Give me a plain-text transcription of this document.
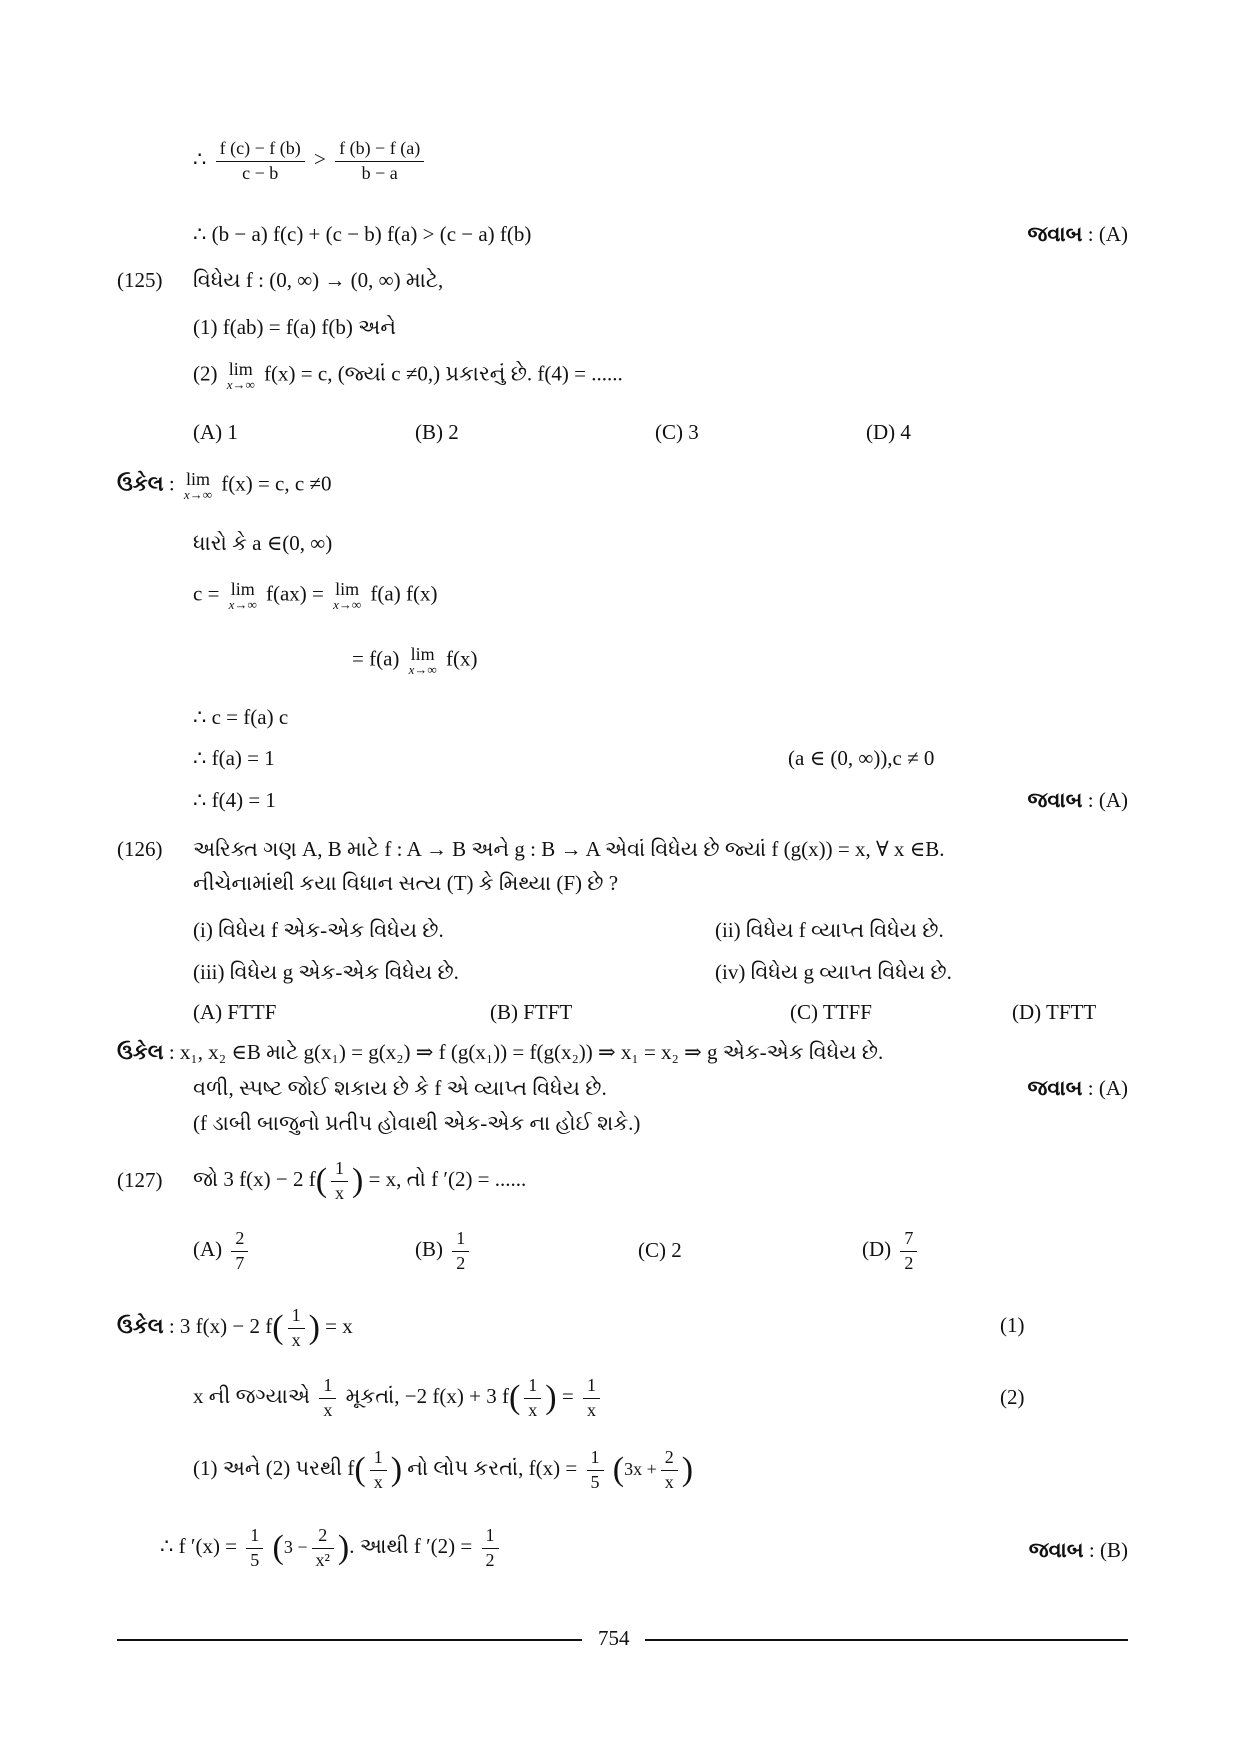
∴ $\frac{f (c) - f (b)}{c - b} > \frac{f (b) - f (a)}{b - a}$
∴ (b − a) f(c) + (c − b) f(a) > (c − a) f(b)	જવાબ : (A)
(125) વિધેય f : (0, ∞) → (0, ∞) માટે,
(1) f(ab) = f(a) f(b) અને
(2) lim
x→∞ f(x) = c, (જ્યાં c ≠0,) પ્રકારનું છે. f(4) = ......
(A) 1	(B) 2	(C) 3	(D) 4
ઉકેલ : lim
x→∞ f(x) = c, c ≠0
ધારો કે a ∈(0, ∞)
c = lim
x→∞ f(ax) = lim
x→∞ f(a) f(x)
= f(a) lim
x→∞ f(x)
∴ c = f(a) c
∴ f(a) = 1	(a ∈ (0, ∞)),c ≠ 0
∴ f(4) = 1	જવાબ : (A)
(126) અરિક્ત ગણ A, B માટે f : A → B અને g : B → A એવાં વિધેય છે જ્યાં f (g(x)) = x, ∀ x ∈B.
નીચેનામાંથી કયા વિધાન સત્ય (T) કે મિથ્યા (F) છે ?
(i) વિધેય f એક-એક વિધેય છે.	(ii) વિધેય f વ્યાપ્ત વિધેય છે.
(iii) વિધેય g એક-એક વિધેય છે.	(iv) વિધેય g વ્યાપ્ત વિધેય છે.
(A) FTTF	(B) FTFT	(C) TTFF	(D) TFTT
ઉકેલ : x₁, x₂ ∈B માટે g(x₁) = g(x₂) ⇒ f (g(x₁)) = f(g(x₂)) ⇒ x₁ = x₂ ⇒ g એક-એક વિધેય છે.
વળી, સ્પષ્ટ જોઈ શકાય છે કે f એ વ્યાપ્ત વિધેય છે.	જવાબ : (A)
(f ડાબી બાજુનો પ્રતીપ હોવાથી એક-એક ના હોઈ શકે.)
(127) જો 3 f(x) − 2 $f( \frac{1}{x}$ ) = x, તો f ′(2) = ......
$(A) \frac{2}{7}$	$(B) \frac{1}{2}$	(C) 2	$(D) \frac{7}{2}$
ઉકેલ : 3 f(x) − 2 $f( \frac{1}{x}$ ) = x	(1)
x ની જગ્યાએ $\frac{1}{x}$ મૂકતાં, −2 f(x) + 3 $f( \frac{1}{x}$ ) = $\frac{1}{x}$	(2)
(1) અને (2) પરથી $f( \frac{1}{x}$ ) નો લોપ કરતાં, $f(x) = \frac{1}{5} (3x + \frac{2}{x}$ )
∴ f $'(x) = \frac{1}{5} (3 - \frac{2}{\text{x²}}$ ). આથી f $'(2) = \frac{1}{2}$	જવાબ : (B)
754
